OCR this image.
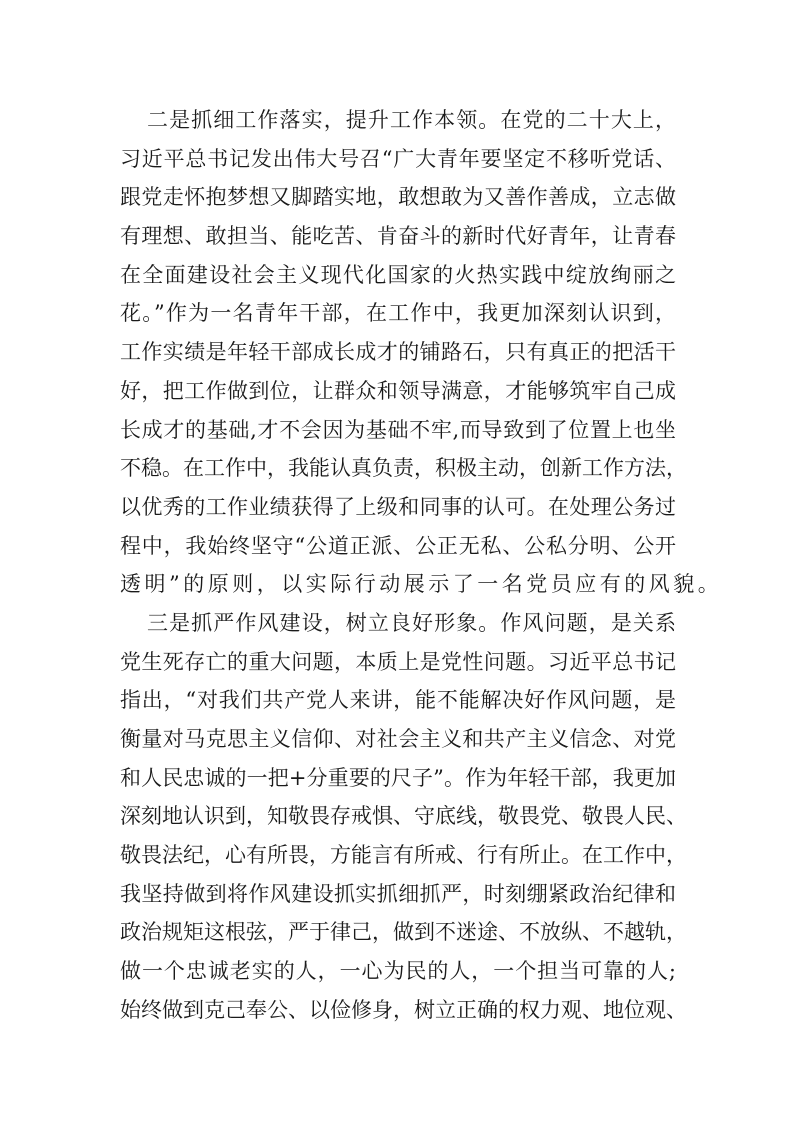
二是抓细工作落实，提升工作本领。在党的二十大上，
习近平总书记发出伟大号召“广大青年要坚定不移听党话、
跟党走怀抱梦想又脚踏实地，敢想敢为又善作善成，立志做
有理想、敢担当、能吃苦、肯奋斗的新时代好青年，让青春
在全面建设社会主义现代化国家的火热实践中绽放绚丽之
花。”作为一名青年干部，在工作中，我更加深刻认识到，
工作实绩是年轻干部成长成才的铺路石，只有真正的把活干
好，把工作做到位，让群众和领导满意，才能够筑牢自己成
长成才的基础,才不会因为基础不牢,而导致到了位置上也坐
不稳。在工作中，我能认真负责，积极主动，创新工作方法，
以优秀的工作业绩获得了上级和同事的认可。在处理公务过
程中，我始终坚守“公道正派、公正无私、公私分明、公开
透明”的原则，以实际行动展示了一名党员应有的风貌。
三是抓严作风建设，树立良好形象。作风问题，是关系
党生死存亡的重大问题，本质上是党性问题。习近平总书记
指出，“对我们共产党人来讲，能不能解决好作风问题，是
衡量对马克思主义信仰、对社会主义和共产主义信念、对党
和人民忠诚的一把+分重要的尺子”。作为年轻干部，我更加
深刻地认识到，知敬畏存戒惧、守底线，敬畏党、敬畏人民、
敬畏法纪，心有所畏，方能言有所戒、行有所止。在工作中，
我坚持做到将作风建设抓实抓细抓严，时刻绷紧政治纪律和
政治规矩这根弦，严于律己，做到不迷途、不放纵、不越轨，
做一个忠诚老实的人，一心为民的人，一个担当可靠的人;
始终做到克己奉公、以俭修身，树立正确的权力观、地位观、
